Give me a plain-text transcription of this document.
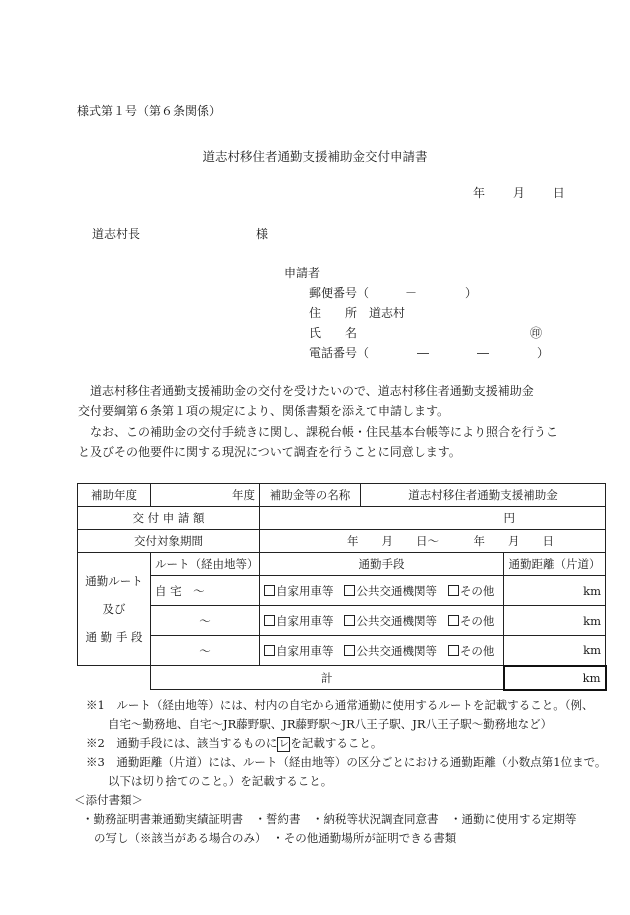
様式第１号（第６条関係）
道志村移住者通勤支援補助金交付申請書
年 月 日
道志村長	様
申請者
郵便番号（　　　－　　　　）
住　　所　道志村
氏　　名	㊞
電話番号（　　　　―　　　　―　　　　）

道志村移住者通勤支援補助金の交付を受けたいので、道志村移住者通勤支援補助金

交付要綱第６条第１項の規定により、関係書類を添えて申請します。

なお、この補助金の交付手続きに関し、課税台帳・住民基本台帳等により照合を行うこ

と及びその他要件に関する現況について調査を行うことに同意します。

補助年度	年度	補助金等の名称	道志村移住者通勤支援補助金	
交 付 申 請 額		円		
交付対象期間		年　　月　　日～　　　年　　月　　日		

通勤ルート
及び
通 勤 手 段	ルート（経由地等）	通勤手段		通勤距離（片道）
	自 宅　～	自家用車等 公共交通機関等 その他		km
	～	自家用車等 公共交通機関等 その他		km
	～	自家用車等 公共交通機関等 その他		km
	計			km
※1　ルート（経由地等）には、村内の自宅から通常通勤に使用するルートを記載すること。（例、
自宅～勤務地、自宅～JR藤野駅、JR藤野駅～JR八王子駅、JR八王子駅～勤務地など）
※2　通勤手段には、該当するものに レ を記載すること。
※3　通勤距離（片道）には、ルート（経由地等）の区分ごとにおける通勤距離（小数点第1位まで。
以下は切り捨てのこと。）を記載すること。
＜添付書類＞
・勤務証明書兼通勤実績証明書　・誓約書　・納税等状況調査同意書　・通勤に使用する定期等
の写し（※該当がある場合のみ）　・その他通勤場所が証明できる書類
